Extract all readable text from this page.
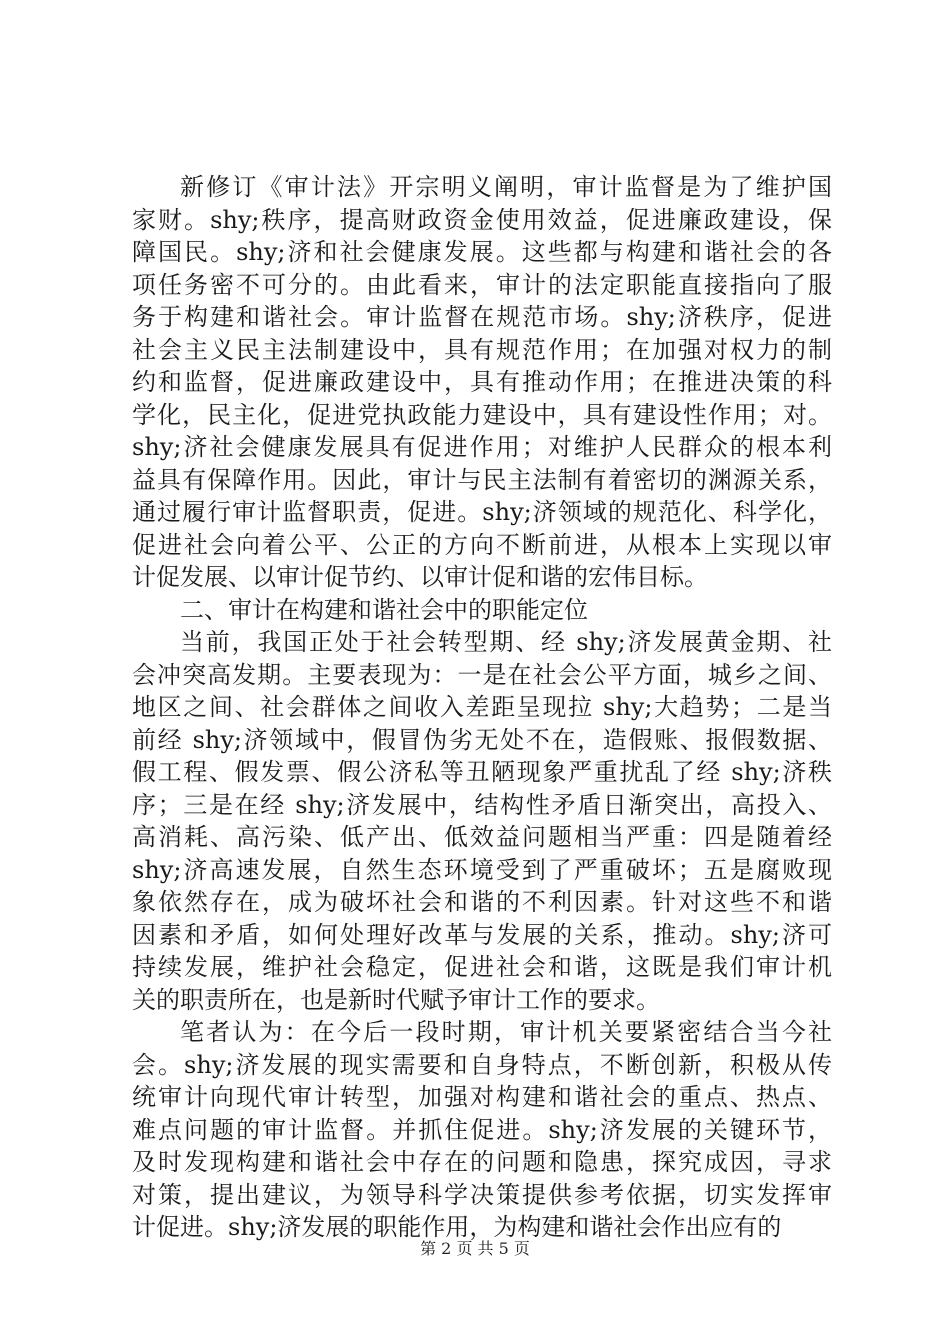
新修订《审计法》开宗明义阐明，审计监督是为了维护国
家财。shy;秩序，提高财政资金使用效益，促进廉政建设，保
障国民。shy;济和社会健康发展。这些都与构建和谐社会的各
项任务密不可分的。由此看来，审计的法定职能直接指向了服
务于构建和谐社会。审计监督在规范市场。shy;济秩序，促进
社会主义民主法制建设中，具有规范作用；在加强对权力的制
约和监督，促进廉政建设中，具有推动作用；在推进决策的科
学化，民主化，促进党执政能力建设中，具有建设性作用；对。
shy;济社会健康发展具有促进作用；对维护人民群众的根本利
益具有保障作用。因此，审计与民主法制有着密切的渊源关系，
通过履行审计监督职责，促进。shy;济领域的规范化、科学化，
促进社会向着公平、公正的方向不断前进，从根本上实现以审
计促发展、以审计促节约、以审计促和谐的宏伟目标。
二、审计在构建和谐社会中的职能定位
当前，我国正处于社会转型期、经 shy;济发展黄金期、社
会冲突高发期。主要表现为：一是在社会公平方面，城乡之间、
地区之间、社会群体之间收入差距呈现拉 shy;大趋势；二是当
前经 shy;济领域中，假冒伪劣无处不在，造假账、报假数据、
假工程、假发票、假公济私等丑陋现象严重扰乱了经 shy;济秩
序；三是在经 shy;济发展中，结构性矛盾日渐突出，高投入、
高消耗、高污染、低产出、低效益问题相当严重：四是随着经
shy;济高速发展，自然生态环境受到了严重破坏；五是腐败现
象依然存在，成为破坏社会和谐的不利因素。针对这些不和谐
因素和矛盾，如何处理好改革与发展的关系，推动。shy;济可
持续发展，维护社会稳定，促进社会和谐，这既是我们审计机
关的职责所在，也是新时代赋予审计工作的要求。
笔者认为：在今后一段时期，审计机关要紧密结合当今社
会。shy;济发展的现实需要和自身特点，不断创新，积极从传
统审计向现代审计转型，加强对构建和谐社会的重点、热点、
难点问题的审计监督。并抓住促进。shy;济发展的关键环节，
及时发现构建和谐社会中存在的问题和隐患，探究成因，寻求
对策，提出建议，为领导科学决策提供参考依据，切实发挥审
计促进。shy;济发展的职能作用，为构建和谐社会作出应有的
第 2 页 共 5 页
